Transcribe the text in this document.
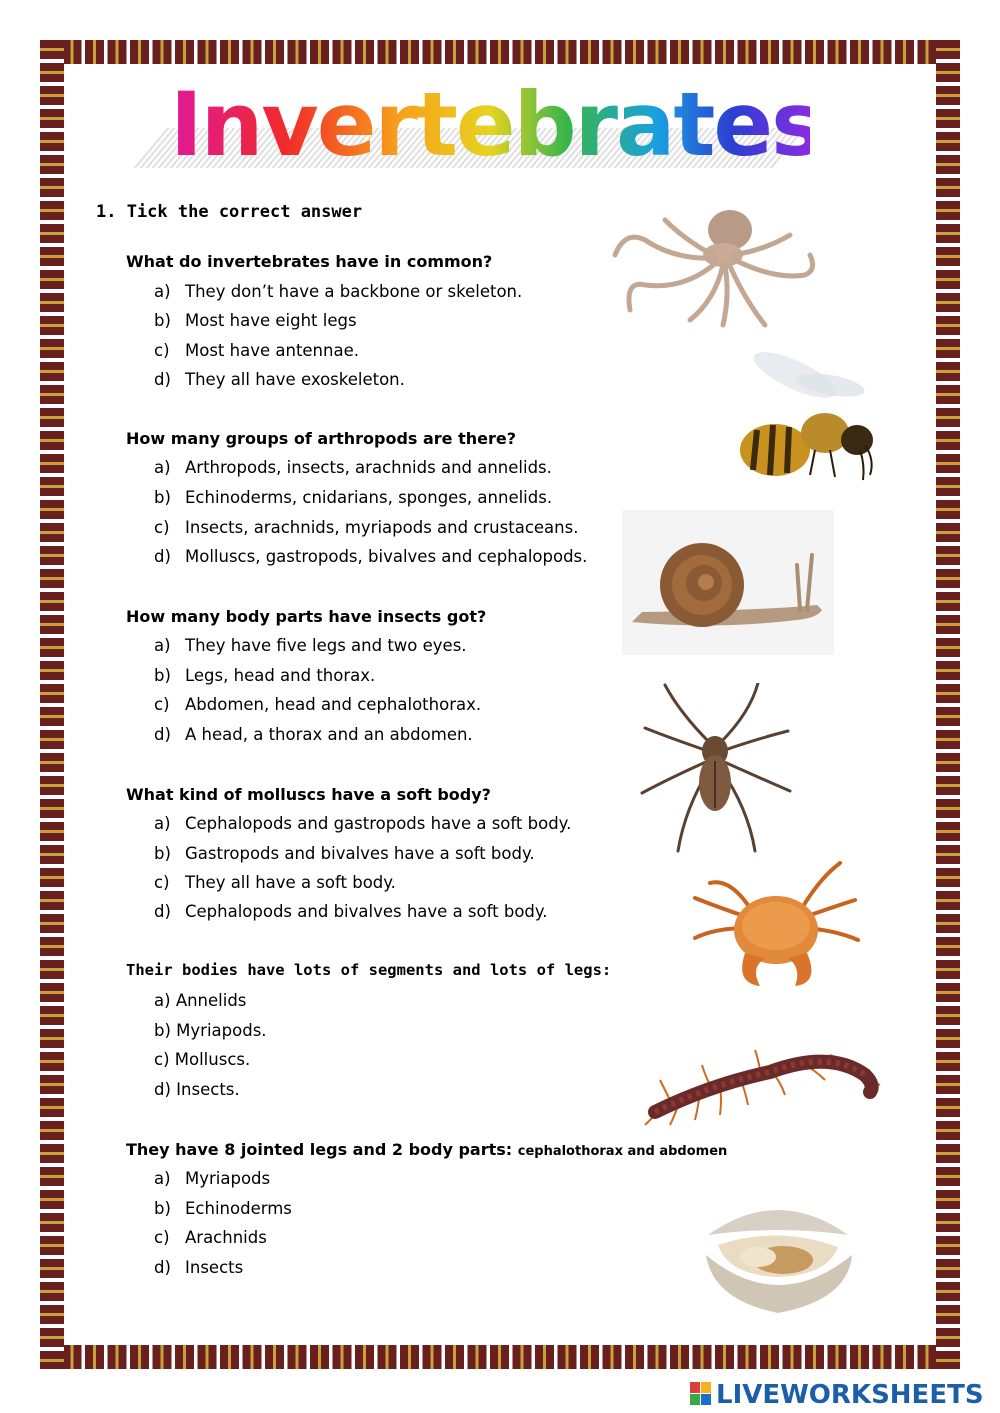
Invertebrates
1. Tick the correct answer
What do invertebrates have in common?
a) They don’t have a backbone or skeleton.
b) Most have eight legs
c) Most have antennae.
d) They all have exoskeleton.
How many groups of arthropods are there?
a) Arthropods, insects, arachnids and annelids.
b) Echinoderms, cnidarians, sponges, annelids.
c) Insects, arachnids, myriapods and crustaceans.
d) Molluscs, gastropods, bivalves and cephalopods.
How many body parts have insects got?
a) They have five legs and two eyes.
b) Legs, head and thorax.
c) Abdomen, head and cephalothorax.
d) A head, a thorax and an abdomen.
What kind of molluscs have a soft body?
a) Cephalopods and gastropods have a soft body.
b) Gastropods and bivalves have a soft body.
c) They all have a soft body.
d) Cephalopods and bivalves have a soft body.
Their bodies have lots of segments and lots of legs:
a) Annelids
b) Myriapods.
c) Molluscs.
d) Insects.
They have 8 jointed legs and 2 body parts: cephalothorax and abdomen
a) Myriapods
b) Echinoderms
c) Arachnids
d) Insects
LIVEWORKSHEETS
